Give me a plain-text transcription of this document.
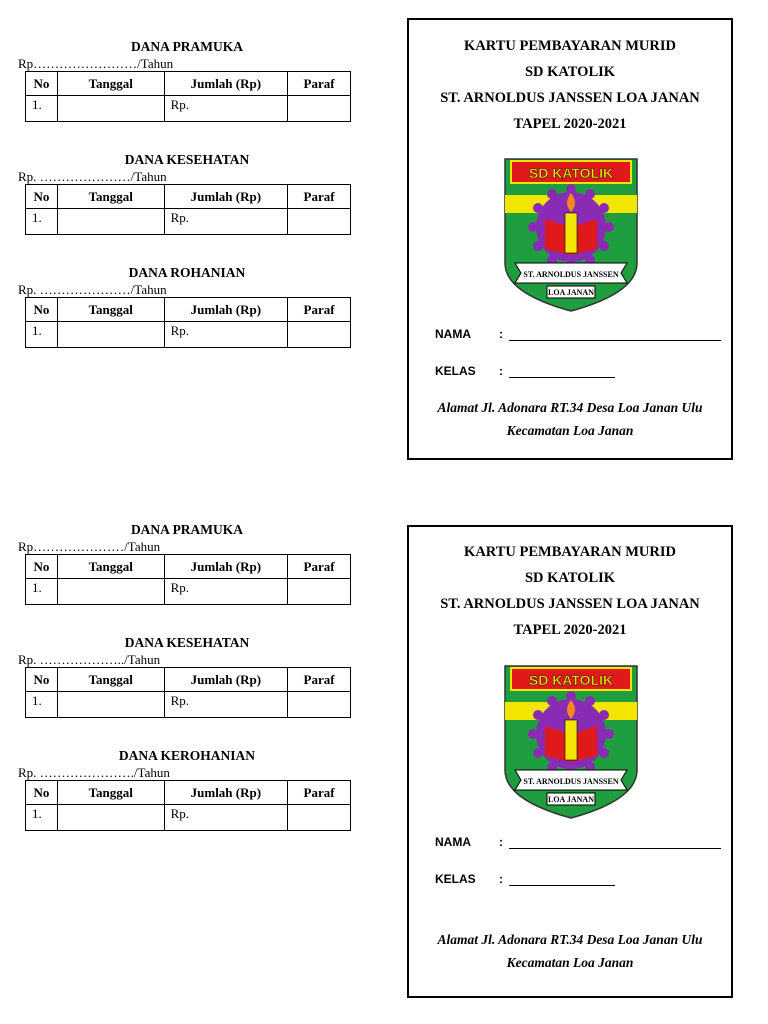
DANA PRAMUKA
Rp……………………/Tahun
No	Tanggal	Jumlah (Rp)	Paraf
1.		Rp.	
DANA KESEHATAN
Rp. …………………/Tahun
No	Tanggal	Jumlah (Rp)	Paraf
1.		Rp.	
DANA ROHANIAN
Rp. …………………/Tahun
No	Tanggal	Jumlah (Rp)	Paraf
1.		Rp.	
KARTU PEMBAYARAN MURID
SD KATOLIK
ST. ARNOLDUS JANSSEN LOA JANAN
TAPEL 2020-2021
SD KATOLIK
ST. ARNOLDUS JANSSEN
LOA JANAN
NAMA :
KELAS :
Alamat Jl. Adonara RT.34 Desa Loa Janan Ulu
Kecamatan Loa Janan
DANA PRAMUKA
Rp…………………/Tahun
No	Tanggal	Jumlah (Rp)	Paraf
1.		Rp.	
DANA KESEHATAN
Rp. ………………../Tahun
No	Tanggal	Jumlah (Rp)	Paraf
1.		Rp.	
DANA KEROHANIAN
Rp. …………………./Tahun
No	Tanggal	Jumlah (Rp)	Paraf
1.		Rp.	
KARTU PEMBAYARAN MURID
SD KATOLIK
ST. ARNOLDUS JANSSEN LOA JANAN
TAPEL 2020-2021
SD KATOLIK
ST. ARNOLDUS JANSSEN
LOA JANAN
NAMA :
KELAS :
Alamat Jl. Adonara RT.34 Desa Loa Janan Ulu
Kecamatan Loa Janan
